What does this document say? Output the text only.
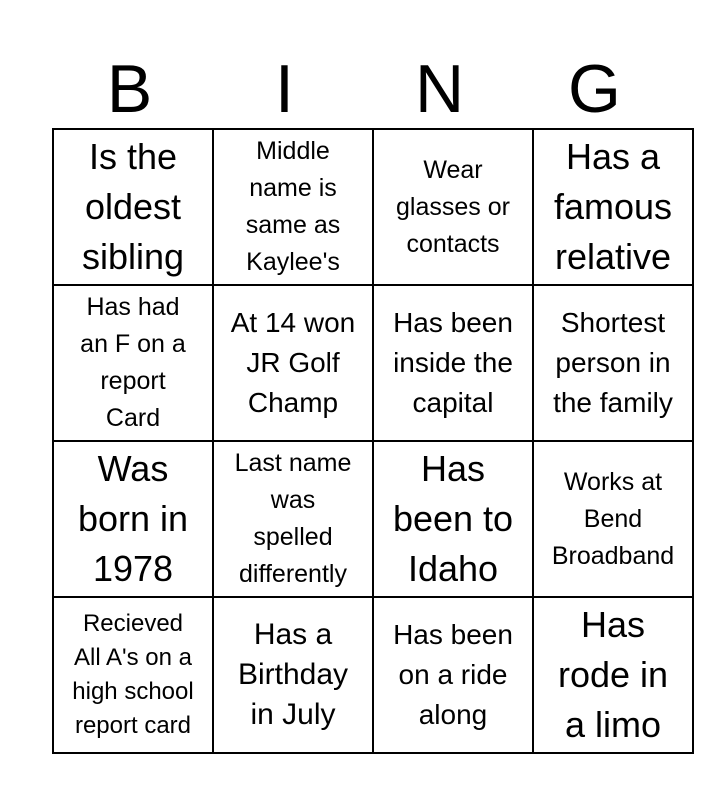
B	I	N	G
Is the
oldest
sibling	Middle
name is
same as
Kaylee's	Wear
glasses or
contacts	Has a
famous
relative

Has had
an F on a
report
Card	At 14 won
JR Golf
Champ	Has been
inside the
capital	Shortest
person in
the family

Was
born in
1978	Last name
was
spelled
differently	Has
been to
Idaho	Works at
Bend
Broadband

Recieved
All A's on a
high school
report card	Has a
Birthday
in July	Has been
on a ride
along	Has
rode in
a limo
